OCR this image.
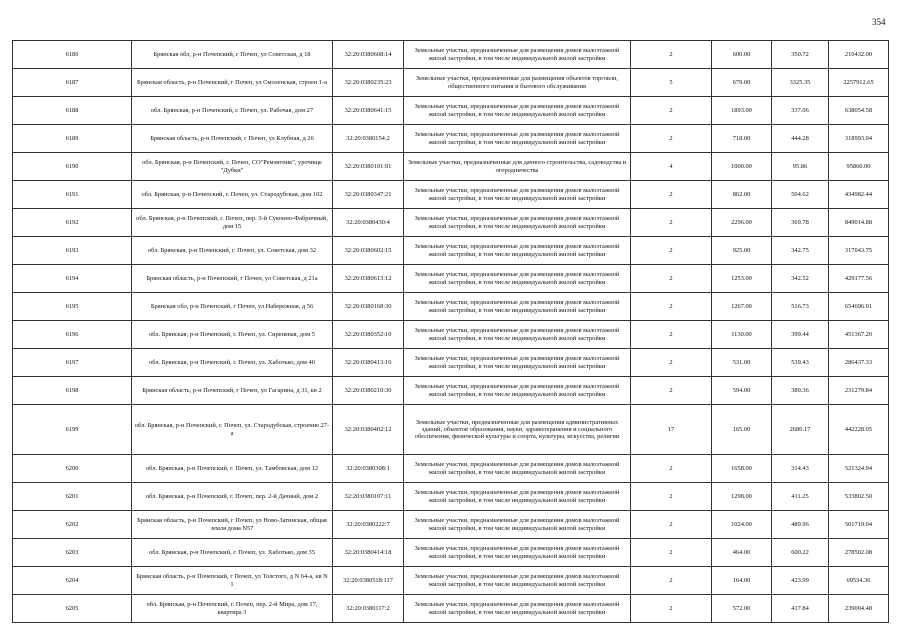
354
6186	Брянская обл, р-н Почепский, г Почеп, ул Советская, д 18	32:20:0380608:14	Земельные участки, предназначенные для размещения домов малоэтажной жилой застройки, в том числе индивидуальной жилой застройки	2	600.00	350.72	210432.00
6187	Брянская область, р-н Почепский, г Почеп, ул Смоленская, строен 1-а	32:20:0380235:23	Земельные участки, предназначенные для размещения объектов торговли, общественного питания и бытового обслуживания	5	679.00	3325.35	2257912.65
6188	обл. Брянская, р-н Почепский, г. Почеп, ул. Рабочая, дом 27	32:20:0380641:15	Земельные участки, предназначенные для размещения домов малоэтажной жилой застройки, в том числе индивидуальной жилой застройки	2	1893.00	337.06	638054.58
6189	Брянская область, р-н Почепский, г Почеп, ул Клубная, д 26	32:20:0380154:2	Земельные участки, предназначенные для размещения домов малоэтажной жилой застройки, в том числе индивидуальной жилой застройки	2	718.00	444.28	318993.04
6190	обл. Брянская, р-н Почепский, г. Почеп, СО"Ремзитник", урочище "Дубки"	32:20:0380101:91	Земельные участки, предназначенные для дачного строительства, садоводства и огородничества	4	1000.00	95.86	95860.00
6191	обл. Брянская, р-н Почепский, г. Почеп, ул. Стародубская, дом 102	32:20:0380347:21	Земельные участки, предназначенные для размещения домов малоэтажной жилой застройки, в том числе индивидуальной жилой застройки	2	862.00	504.62	434982.44
6192	обл. Брянская, р-н Почепский, г. Почеп, пер. 3-й Суконно-Фабричный, дом 15	32:20:0380430:4	Земельные участки, предназначенные для размещения домов малоэтажной жилой застройки, в том числе индивидуальной жилой застройки	2	2296.00	369.78	849014.88
6193	обл. Брянская, р-н Почепский, г. Почеп, ул. Советская, дом 32	32:20:0380602:15	Земельные участки, предназначенные для размещения домов малоэтажной жилой застройки, в том числе индивидуальной жилой застройки	2	925.00	342.75	317043.75
6194	Брянская область, р-н Почепский, г Почеп, ул Советская, д 21а	32:20:0380613:12	Земельные участки, предназначенные для размещения домов малоэтажной жилой застройки, в том числе индивидуальной жилой застройки	2	1253.00	342.52	429177.56
6195	Брянская обл, р-н Почепский, г Почеп, ул Набережная, д 56	32:20:0380168:30	Земельные участки, предназначенные для размещения домов малоэтажной жилой застройки, в том числе индивидуальной жилой застройки	2	1267.00	516.73	654696.91
6196	обл. Брянская, р-н Почепский, г. Почеп, ул. Сиреневая, дом 5	32:20:0380352:10	Земельные участки, предназначенные для размещения домов малоэтажной жилой застройки, в том числе индивидуальной жилой застройки	2	1130.00	399.44	451367.20
6197	обл. Брянская, р-н Почепский, г. Почеп, ул. Хаботько, дом 40	32:20:0380413:16	Земельные участки, предназначенные для размещения домов малоэтажной жилой застройки, в том числе индивидуальной жилой застройки	2	531.00	539.43	286437.33
6198	Брянская область, р-н Почепский, г Почеп, ул Гагарина, д 31, кв 2	32:20:0380210:30	Земельные участки, предназначенные для размещения домов малоэтажной жилой застройки, в том числе индивидуальной жилой застройки	2	594.00	389.36	231279.84
6199	обл. Брянская, р-н Почепский, г. Почеп, ул. Стародубская, строение 27-а	32:20:0380402:12	Земельные участки, предназначенные для размещения административных зданий, объектов образования, науки, здравоохранения и социального обеспечения, физической культуры и спорта, культуры, искусства, религии	17	165.00	2680.17	442228.05
6200	обл. Брянская, р-н Почепский, г. Почеп, ул. Тамбовская, дом 12	32:20:0380308:1	Земельные участки, предназначенные для размещения домов малоэтажной жилой застройки, в том числе индивидуальной жилой застройки	2	1658.00	314.43	521324.94
6201	обл. Брянская, р-н Почепский, г. Почеп, пер. 2-й Дачный, дом 2	32:20:0380107:11	Земельные участки, предназначенные для размещения домов малоэтажной жилой застройки, в том числе индивидуальной жилой застройки	2	1298.00	411.25	533802.50
6202	Брянская область, р-н Почепский, г Почеп, ул Ново-Затинская, общая земля дома N57	32:20:0380222:7	Земельные участки, предназначенные для размещения домов малоэтажной жилой застройки, в том числе индивидуальной жилой застройки	2	1024.00	489.96	501719.04
6203	обл. Брянская, р-н Почепский, г. Почеп, ул. Хаботько, дом 35	32:20:0380414:18	Земельные участки, предназначенные для размещения домов малоэтажной жилой застройки, в том числе индивидуальной жилой застройки	2	464.00	600.22	278502.08
6204	Брянская область, р-н Почепский, г Почеп, ул Толстого, д N 64-а, кв N 1	32:20:0380518:117	Земельные участки, предназначенные для размещения домов малоэтажной жилой застройки, в том числе индивидуальной жилой застройки	2	164.00	423.99	69534.36
6205	обл. Брянская, р-н Почепский, г. Почеп, пер. 2-й Мира, дом 17, квартира 3	32:20:0380117:2	Земельные участки, предназначенные для размещения домов малоэтажной жилой застройки, в том числе индивидуальной жилой застройки	2	572.00	417.84	239004.48
